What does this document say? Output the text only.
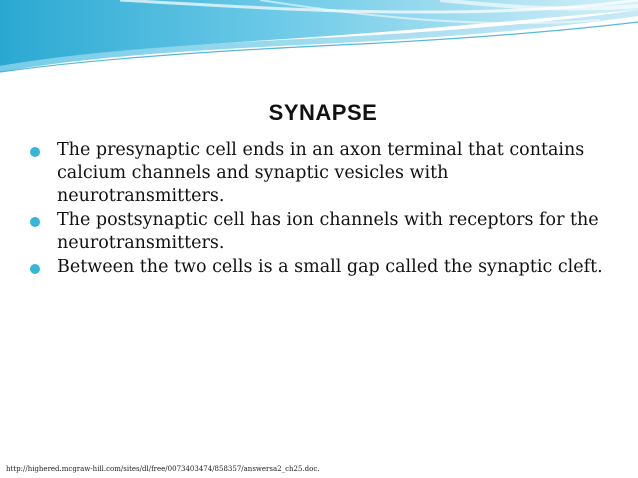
SYNAPSE
The presynaptic cell ends in an axon terminal that contains calcium channels and synaptic vesicles with neurotransmitters.
The postsynaptic cell has ion channels with receptors for the neurotransmitters.
Between the two cells is a small gap called the synaptic cleft.
http://highered.mcgraw-hill.com/sites/dl/free/0073403474/858357/answersa2_ch25.doc.
